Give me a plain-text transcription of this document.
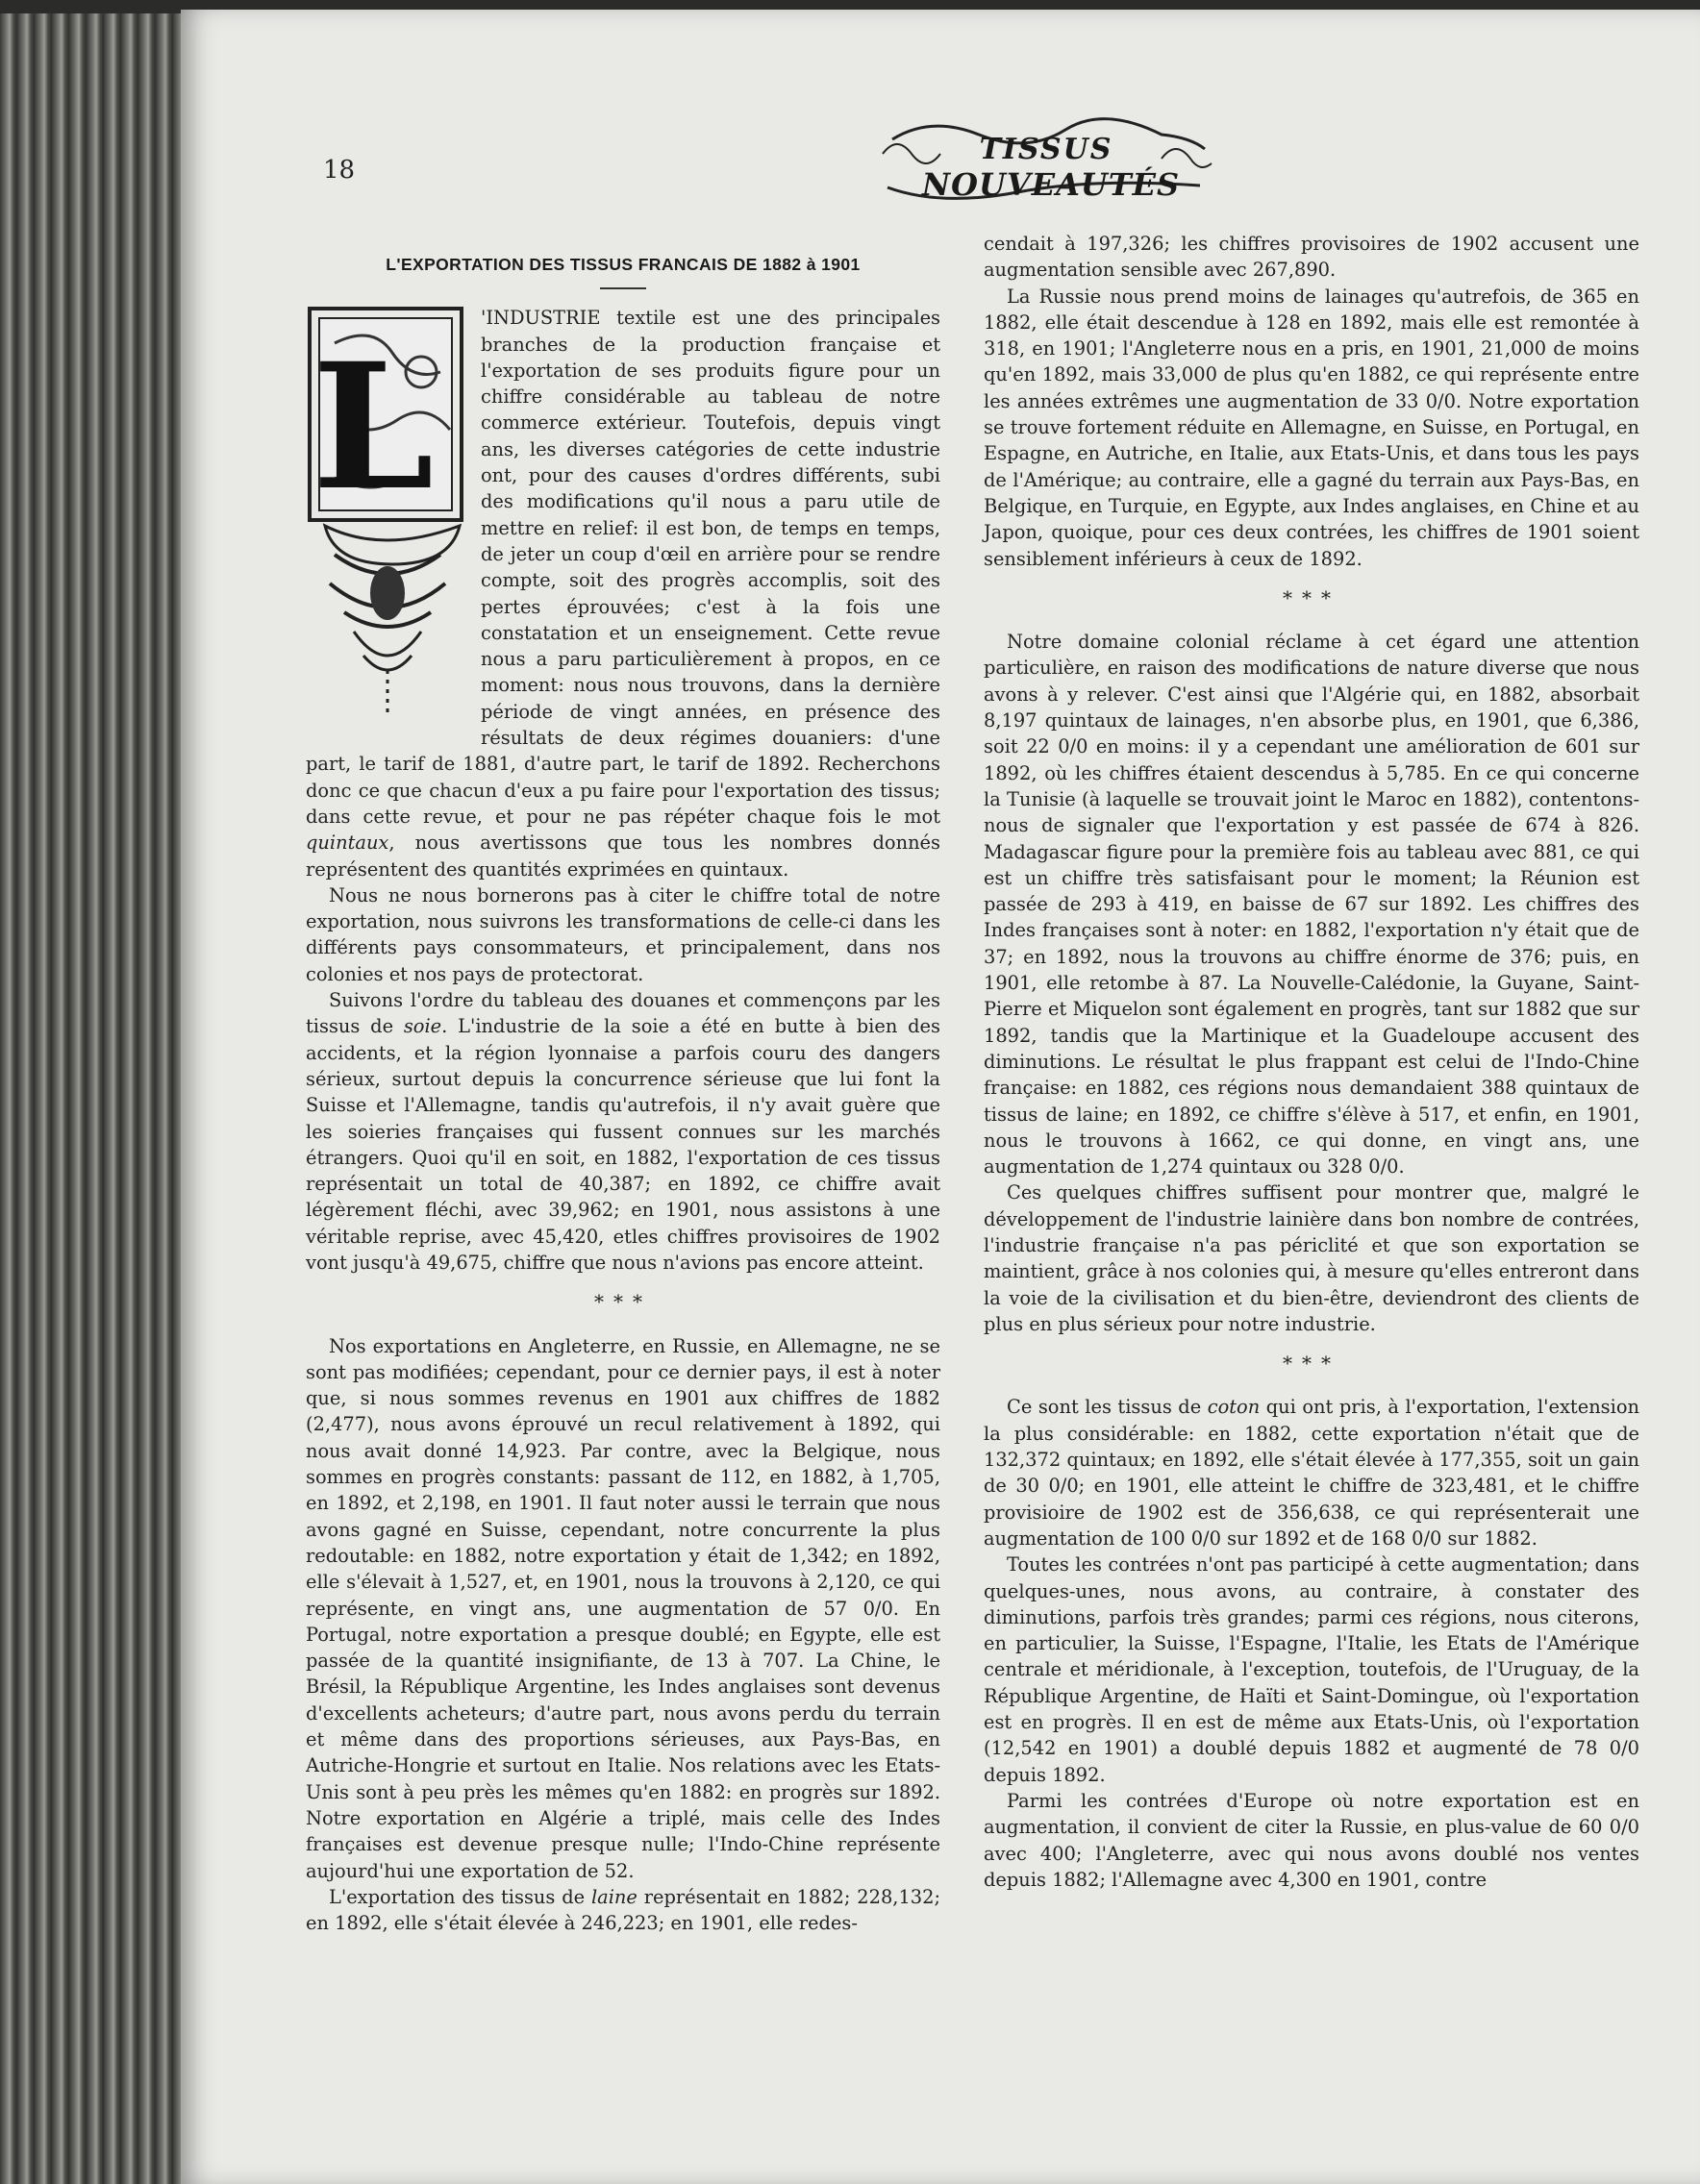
18
TISSUS
NOUVEAUTÉS
L'EXPORTATION DES TISSUS FRANCAIS DE 1882 à 1901
L

'INDUSTRIE textile est une des principales branches de la production française et l'exportation de ses produits figure pour un chiffre considérable au tableau de notre commerce extérieur. Toutefois, depuis vingt ans, les diverses catégories de cette industrie ont, pour des causes d'ordres différents, subi des modifications qu'il nous a paru utile de mettre en relief: il est bon, de temps en temps, de jeter un coup d'œil en arrière pour se rendre compte, soit des progrès accomplis, soit des pertes éprouvées; c'est à la fois une constatation et un enseignement. Cette revue nous a paru particulièrement à propos, en ce moment: nous nous trouvons, dans la dernière période de vingt années, en présence des résultats de deux régimes douaniers: d'une part, le tarif de 1881, d'autre part, le tarif de 1892. Recherchons donc ce que chacun d'eux a pu faire pour l'exportation des tissus; dans cette revue, et pour ne pas répéter chaque fois le mot quintaux, nous avertissons que tous les nombres donnés représentent des quantités exprimées en quintaux.

Nous ne nous bornerons pas à citer le chiffre total de notre exportation, nous suivrons les transformations de celle-ci dans les différents pays consommateurs, et principalement, dans nos colonies et nos pays de protectorat.

Suivons l'ordre du tableau des douanes et commençons par les tissus de soie. L'industrie de la soie a été en butte à bien des accidents, et la région lyonnaise a parfois couru des dangers sérieux, surtout depuis la concurrence sérieuse que lui font la Suisse et l'Allemagne, tandis qu'autrefois, il n'y avait guère que les soieries françaises qui fussent connues sur les marchés étrangers. Quoi qu'il en soit, en 1882, l'exportation de ces tissus représentait un total de 40,387; en 1892, ce chiffre avait légèrement fléchi, avec 39,962; en 1901, nous assistons à une véritable reprise, avec 45,420, etles chiffres provisoires de 1902 vont jusqu'à 49,675, chiffre que nous n'avions pas encore atteint.

***

Nos exportations en Angleterre, en Russie, en Allemagne, ne se sont pas modifiées; cependant, pour ce dernier pays, il est à noter que, si nous sommes revenus en 1901 aux chiffres de 1882 (2,477), nous avons éprouvé un recul relativement à 1892, qui nous avait donné 14,923. Par contre, avec la Belgique, nous sommes en progrès constants: passant de 112, en 1882, à 1,705, en 1892, et 2,198, en 1901. Il faut noter aussi le terrain que nous avons gagné en Suisse, cependant, notre concurrente la plus redoutable: en 1882, notre exportation y était de 1,342; en 1892, elle s'élevait à 1,527, et, en 1901, nous la trouvons à 2,120, ce qui représente, en vingt ans, une augmentation de 57 0/0. En Portugal, notre exportation a presque doublé; en Egypte, elle est passée de la quantité insignifiante, de 13 à 707. La Chine, le Brésil, la République Argentine, les Indes anglaises sont devenus d'excellents acheteurs; d'autre part, nous avons perdu du terrain et même dans des proportions sérieuses, aux Pays-Bas, en Autriche-Hongrie et surtout en Italie. Nos relations avec les Etats-Unis sont à peu près les mêmes qu'en 1882: en progrès sur 1892. Notre exportation en Algérie a triplé, mais celle des Indes françaises est devenue presque nulle; l'Indo-Chine représente aujourd'hui une exportation de 52.

L'exportation des tissus de laine représentait en 1882; 228,132; en 1892, elle s'était élevée à 246,223; en 1901, elle redes-

cendait à 197,326; les chiffres provisoires de 1902 accusent une augmentation sensible avec 267,890.

La Russie nous prend moins de lainages qu'autrefois, de 365 en 1882, elle était descendue à 128 en 1892, mais elle est remontée à 318, en 1901; l'Angleterre nous en a pris, en 1901, 21,000 de moins qu'en 1892, mais 33,000 de plus qu'en 1882, ce qui représente entre les années extrêmes une augmentation de 33 0/0. Notre exportation se trouve fortement réduite en Allemagne, en Suisse, en Portugal, en Espagne, en Autriche, en Italie, aux Etats-Unis, et dans tous les pays de l'Amérique; au contraire, elle a gagné du terrain aux Pays-Bas, en Belgique, en Turquie, en Egypte, aux Indes anglaises, en Chine et au Japon, quoique, pour ces deux contrées, les chiffres de 1901 soient sensiblement inférieurs à ceux de 1892.

***

Notre domaine colonial réclame à cet égard une attention particulière, en raison des modifications de nature diverse que nous avons à y relever. C'est ainsi que l'Algérie qui, en 1882, absorbait 8,197 quintaux de lainages, n'en absorbe plus, en 1901, que 6,386, soit 22 0/0 en moins: il y a cependant une amélioration de 601 sur 1892, où les chiffres étaient descendus à 5,785. En ce qui concerne la Tunisie (à laquelle se trouvait joint le Maroc en 1882), contentons-nous de signaler que l'exportation y est passée de 674 à 826. Madagascar figure pour la première fois au tableau avec 881, ce qui est un chiffre très satisfaisant pour le moment; la Réunion est passée de 293 à 419, en baisse de 67 sur 1892. Les chiffres des Indes françaises sont à noter: en 1882, l'exportation n'y était que de 37; en 1892, nous la trouvons au chiffre énorme de 376; puis, en 1901, elle retombe à 87. La Nouvelle-Calédonie, la Guyane, Saint-Pierre et Miquelon sont également en progrès, tant sur 1882 que sur 1892, tandis que la Martinique et la Guadeloupe accusent des diminutions. Le résultat le plus frappant est celui de l'Indo-Chine française: en 1882, ces régions nous demandaient 388 quintaux de tissus de laine; en 1892, ce chiffre s'élève à 517, et enfin, en 1901, nous le trouvons à 1662, ce qui donne, en vingt ans, une augmentation de 1,274 quintaux ou 328 0/0.

Ces quelques chiffres suffisent pour montrer que, malgré le développement de l'industrie lainière dans bon nombre de contrées, l'industrie française n'a pas périclité et que son exportation se maintient, grâce à nos colonies qui, à mesure qu'elles entreront dans la voie de la civilisation et du bien-être, deviendront des clients de plus en plus sérieux pour notre industrie.

***

Ce sont les tissus de coton qui ont pris, à l'exportation, l'extension la plus considérable: en 1882, cette exportation n'était que de 132,372 quintaux; en 1892, elle s'était élevée à 177,355, soit un gain de 30 0/0; en 1901, elle atteint le chiffre de 323,481, et le chiffre provisioire de 1902 est de 356,638, ce qui représenterait une augmentation de 100 0/0 sur 1892 et de 168 0/0 sur 1882.

Toutes les contrées n'ont pas participé à cette augmentation; dans quelques-unes, nous avons, au contraire, à constater des diminutions, parfois très grandes; parmi ces régions, nous citerons, en particulier, la Suisse, l'Espagne, l'Italie, les Etats de l'Amérique centrale et méridionale, à l'exception, toutefois, de l'Uruguay, de la République Argentine, de Haïti et Saint-Domingue, où l'exportation est en progrès. Il en est de même aux Etats-Unis, où l'exportation (12,542 en 1901) a doublé depuis 1882 et augmenté de 78 0/0 depuis 1892.

Parmi les contrées d'Europe où notre exportation est en augmentation, il convient de citer la Russie, en plus-value de 60 0/0 avec 400; l'Angleterre, avec qui nous avons doublé nos ventes depuis 1882; l'Allemagne avec 4,300 en 1901, contre
